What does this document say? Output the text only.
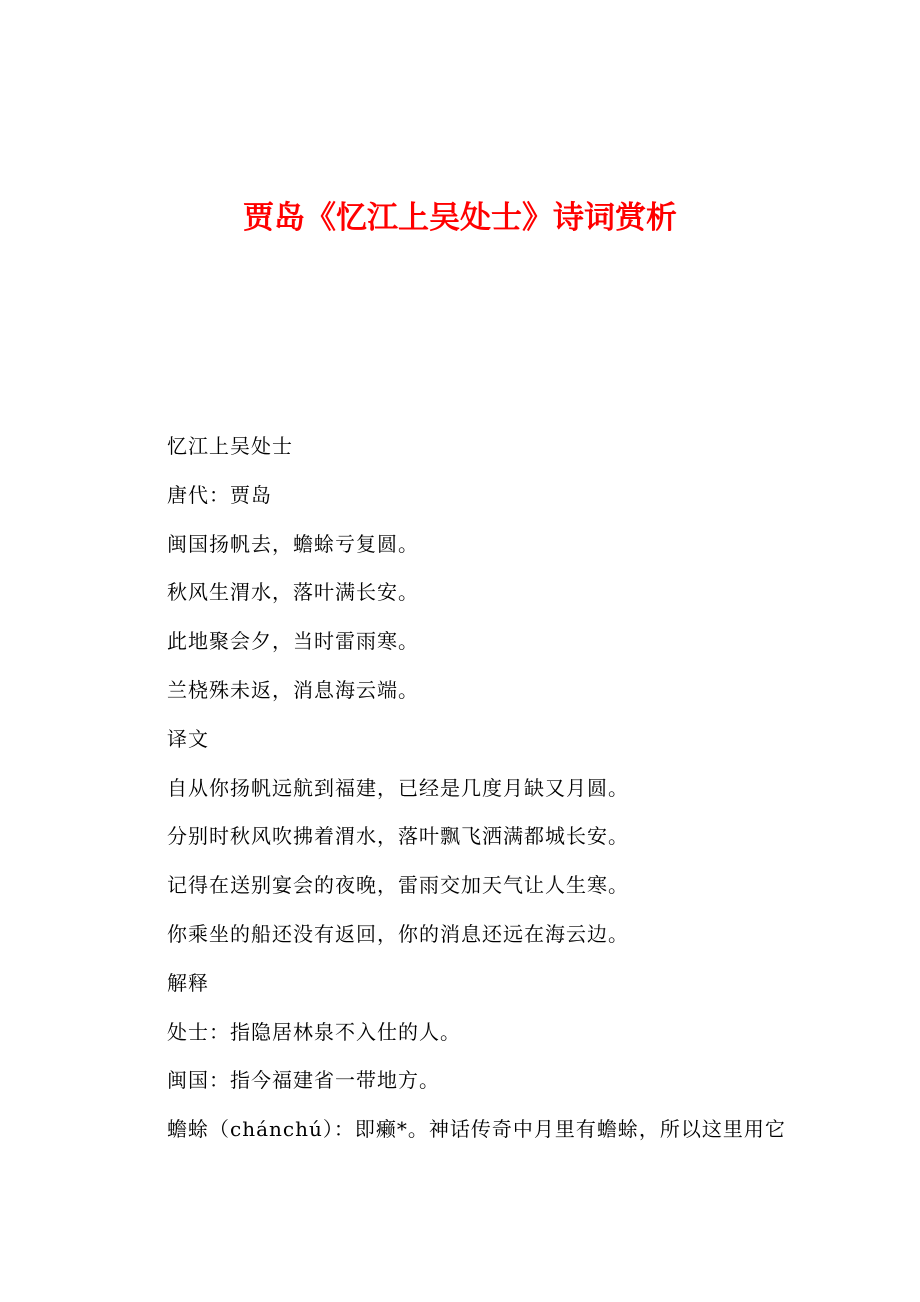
贾岛《忆江上吴处士》诗词赏析
忆江上吴处士
唐代：贾岛
闽国扬帆去，蟾蜍亏复圆。
秋风生渭水，落叶满长安。
此地聚会夕，当时雷雨寒。
兰桡殊未返，消息海云端。
译文
自从你扬帆远航到福建，已经是几度月缺又月圆。
分别时秋风吹拂着渭水，落叶飘飞洒满都城长安。
记得在送别宴会的夜晚，雷雨交加天气让人生寒。
你乘坐的船还没有返回，你的消息还远在海云边。
解释
处士：指隐居林泉不入仕的人。
闽国：指今福建省一带地方。
蟾蜍（chánchú）：即癞*。神话传奇中月里有蟾蜍，所以这里用它
